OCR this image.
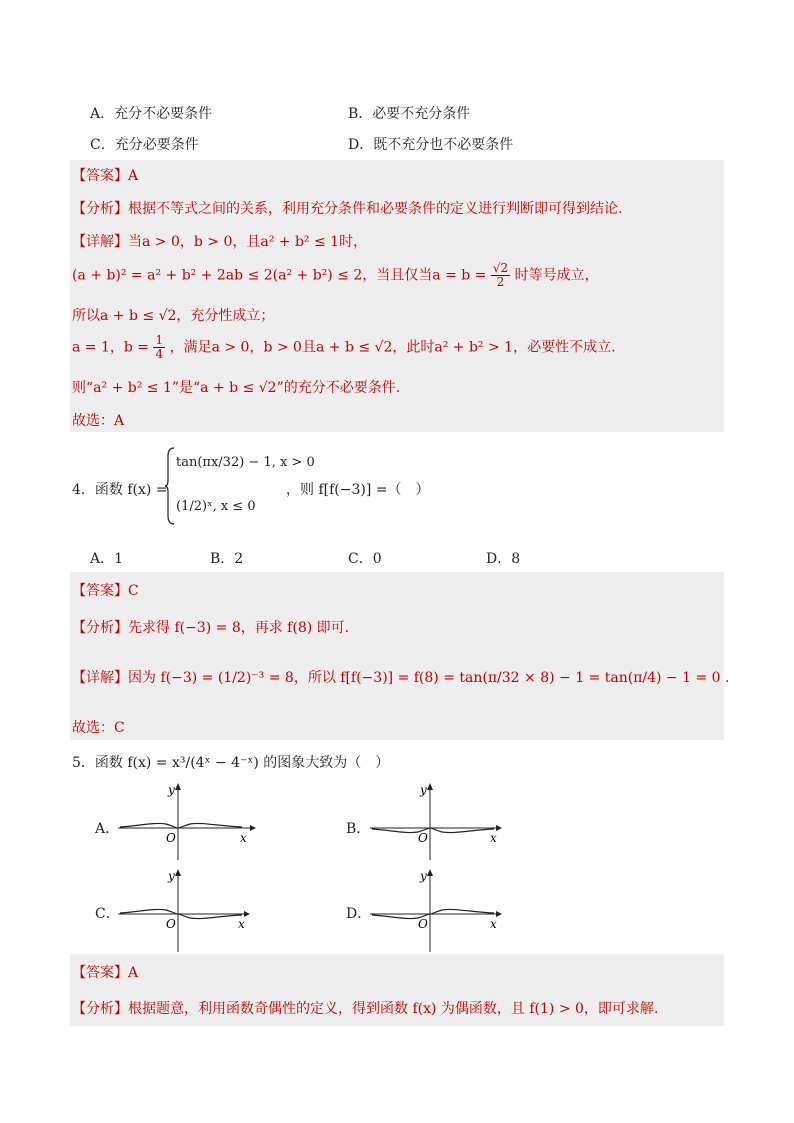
A．充分不必要条件	B．必要不充分条件
C．充分必要条件	D．既不充分也不必要条件
【答案】A
【分析】根据不等式之间的关系，利用充分条件和必要条件的定义进行判断即可得到结论.
【详解】当a > 0，b > 0，且a² + b² ≤ 1时，
(a + b)² = a² + b² + 2ab ≤ 2(a² + b²) ≤ 2，当且仅当$a = b = \frac{√2}{2}$ 时等号成立，
所以a + b ≤ √2，充分性成立；
a = 1，$b = \frac{1}{4}$ ，满足a > 0，b > 0且a + b ≤ √2，此时a² + b² > 1，必要性不成立.
则“a² + b² ≤ 1”是“a + b ≤ √2”的充分不必要条件.
故选：A
4．函数 f(x) =
tan(πx/32) − 1, x > 0
(1/2)ˣ, x ≤ 0
，则 f[f(−3)] =（　）
A．1	B．2	C．0	D．8
【答案】C
【分析】先求得 f(−3) = 8，再求 f(8) 即可.
【详解】因为 f(−3) = (1/2)⁻³ = 8，所以 f[f(−3)] = f(8) = tan(π/32 × 8) − 1 = tan(π/4) − 1 = 0 .
故选：C
5．函数 f(x) = x³/(4ˣ − 4⁻ˣ) 的图象大致为（　）
A．	B．
C．	D．
y
x
O
y
x
O
y
x
O
y
x
O
【答案】A
【分析】根据题意，利用函数奇偶性的定义，得到函数 f(x) 为偶函数，且 f(1) > 0，即可求解.
